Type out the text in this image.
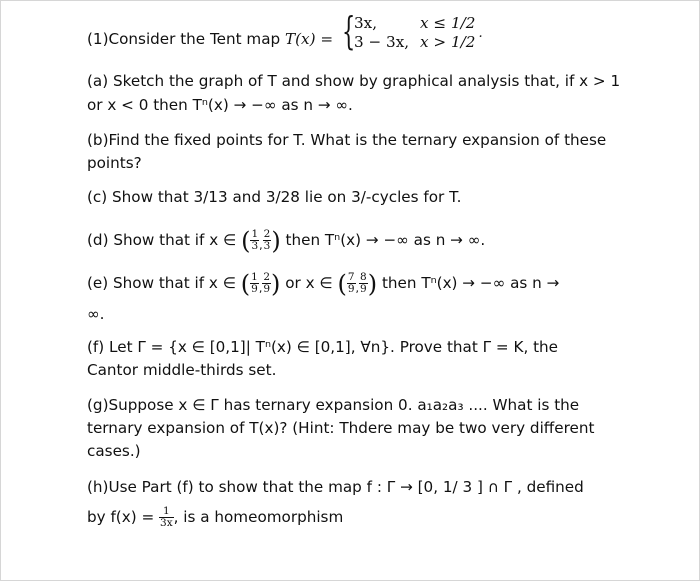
(1)Consider the Tent map T(x) = {
3x,	x ≤ 1/2
3 − 3x, x > 1/2˙
(a) Sketch the graph of T and show by graphical analysis that, if x > 1
or x < 0 then Tⁿ(x) → −∞ as n → ∞.
(b)Find the fixed points for T. What is the ternary expansion of these
points?
(c) Show that 3/13 and 3/28 lie on 3/-cycles for T.
(d) Show that if x ∈ ( $\frac{1}{3} _, \frac{2}{3}$ ) then Tⁿ(x) → −∞ as n → ∞.
(e) Show that if x ∈ ( $\frac{1}{9} _, \frac{2}{9}$ ) or x ∈ ( $\frac{7}{9} _, \frac{8}{9}$ ) then Tⁿ(x) → −∞ as n →
∞.
(f) Let Γ = {x ∈ [0,1]| Tⁿ(x) ∈ [0,1], ∀n}. Prove that Γ = K, the
Cantor middle-thirds set.
(g)Suppose x ∈ Γ has ternary expansion 0. a₁a₂a₃ .... What is the
ternary expansion of T(x)? (Hint: Thdere may be two very different
cases.)
(h)Use Part (f) to show that the map f : Γ → [0, 1/ 3 ] ∩ Γ , defined
by $f(x) = \frac{1}{3x}$ , is a homeomorphism
